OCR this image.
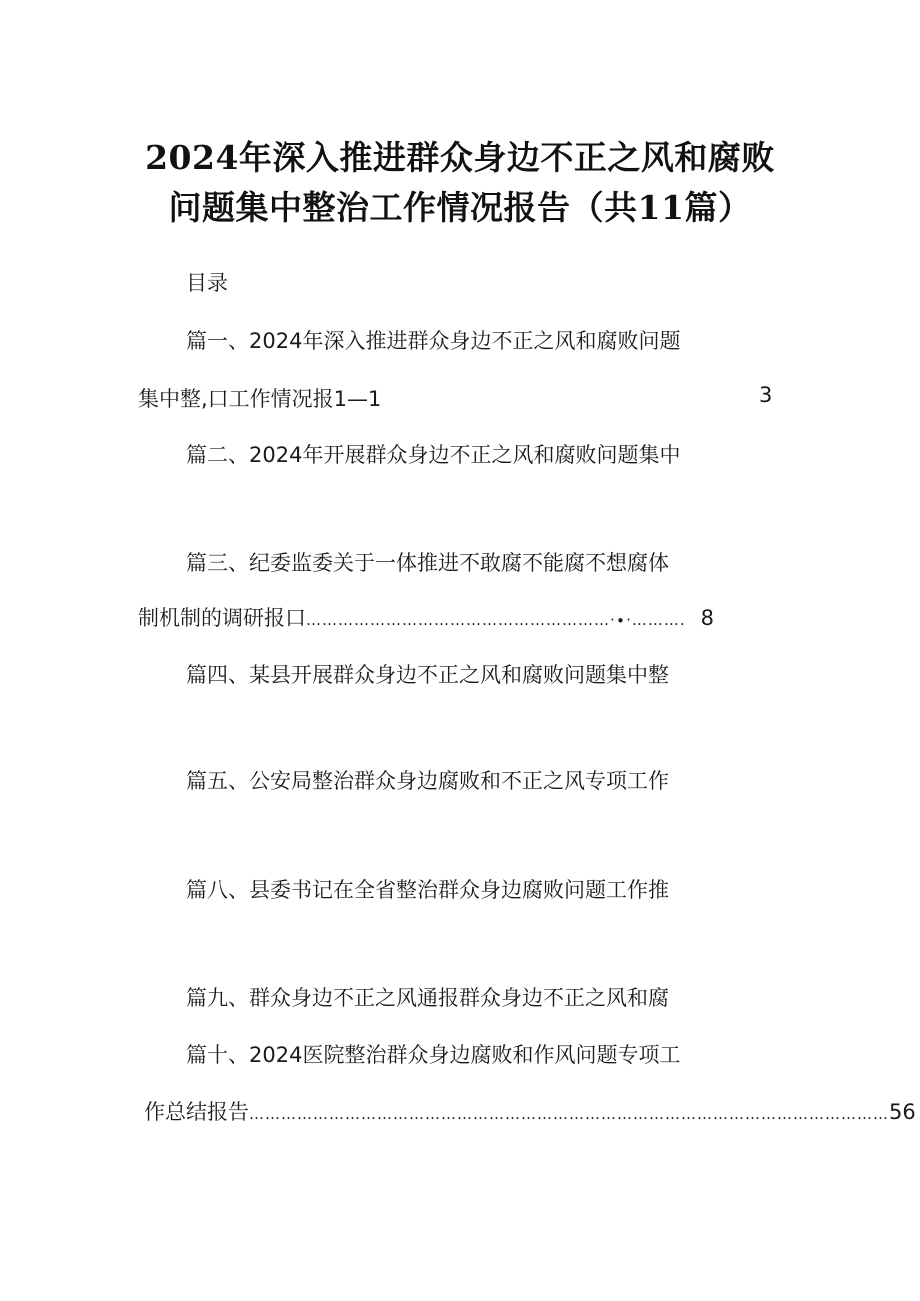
2024年深入推进群众身边不正之风和腐败
问题集中整治工作情况报告（共11篇）
目录
篇一、2024年深入推进群众身边不正之风和腐败问题
集中整,口工作情况报1—1	3
篇二、2024年开展群众身边不正之风和腐败问题集中
篇三、纪委监委关于一体推进不敢腐不能腐不想腐体
制机制的调研报口 …………………………………………………·∙·………. 8
篇四、某县开展群众身边不正之风和腐败问题集中整
篇五、公安局整治群众身边腐败和不正之风专项工作
篇八、县委书记在全省整治群众身边腐败问题工作推
篇九、群众身边不正之风通报群众身边不正之风和腐
篇十、2024医院整治群众身边腐败和作风问题专项工
作总结报告 ………………………………………………………………………………………………………… 56
